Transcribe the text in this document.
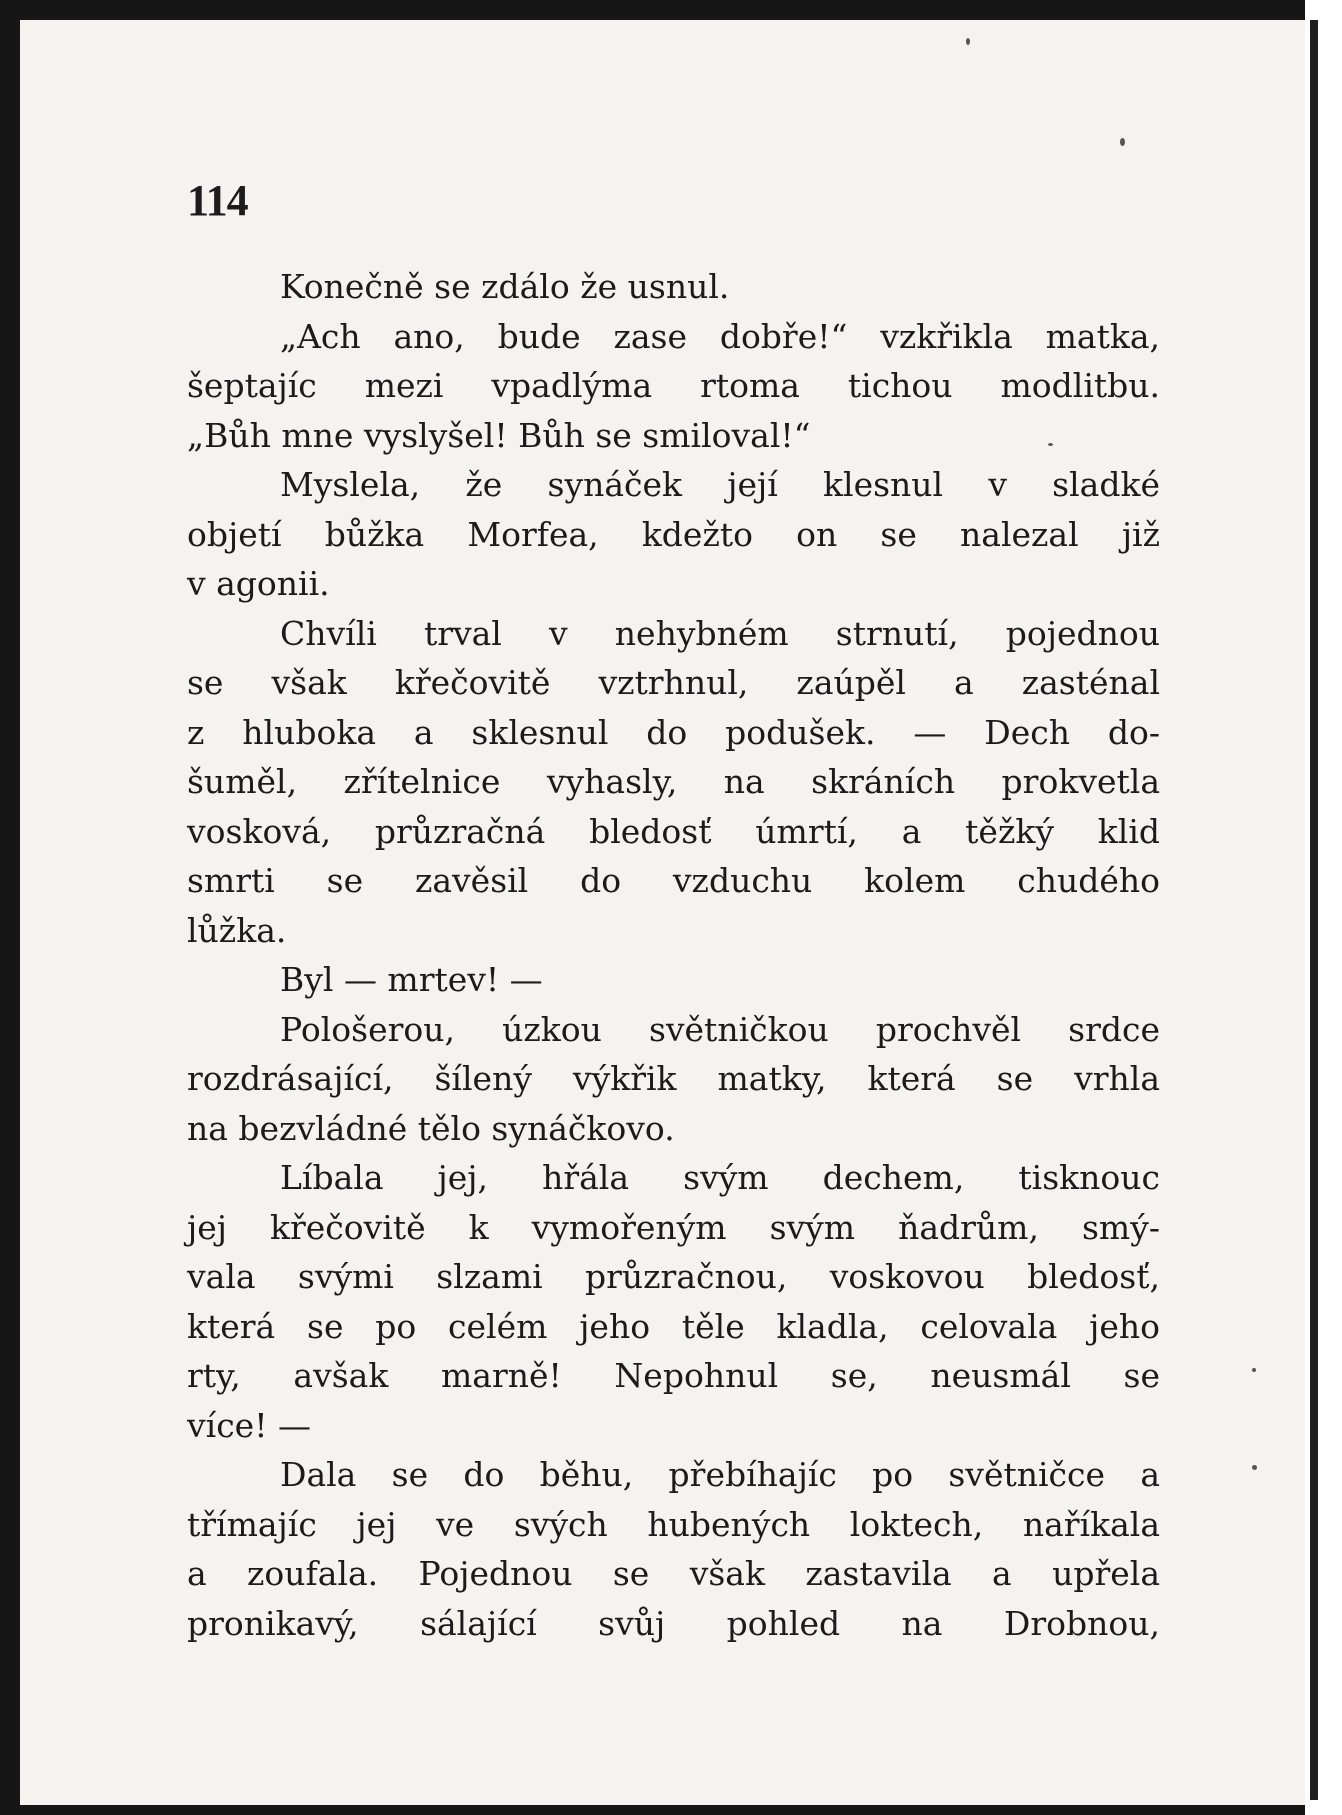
114
Konečně se zdálo že usnul.
„Ach ano, bude zase dobře!“ vzkřikla matka,
šeptajíc mezi vpadlýma rtoma tichou modlitbu.
„Bůh mne vyslyšel! Bůh se smiloval!“
Myslela, že synáček její klesnul v sladké
objetí bůžka Morfea, kdežto on se nalezal již
v agonii.
Chvíli trval v nehybném strnutí, pojednou
se však křečovitě vztrhnul, zaúpěl a zasténal
z hluboka a sklesnul do podušek. — Dech do-
šuměl, zřítelnice vyhasly, na skráních prokvetla
vosková, průzračná bledosť úmrtí, a těžký klid
smrti se zavěsil do vzduchu kolem chudého
lůžka.
Byl — mrtev! —
Pološerou, úzkou světničkou prochvěl srdce
rozdrásající, šílený výkřik matky, která se vrhla
na bezvládné tělo synáčkovo.
Líbala jej, hřála svým dechem, tisknouc
jej křečovitě k vymořeným svým ňadrům, smý-
vala svými slzami průzračnou, voskovou bledosť,
která se po celém jeho těle kladla, celovala jeho
rty, avšak marně! Nepohnul se, neusmál se
více! —
Dala se do běhu, přebíhajíc po světničce a
třímajíc jej ve svých hubených loktech, naříkala
a zoufala. Pojednou se však zastavila a upřela
pronikavý, sálající svůj pohled na Drobnou,
